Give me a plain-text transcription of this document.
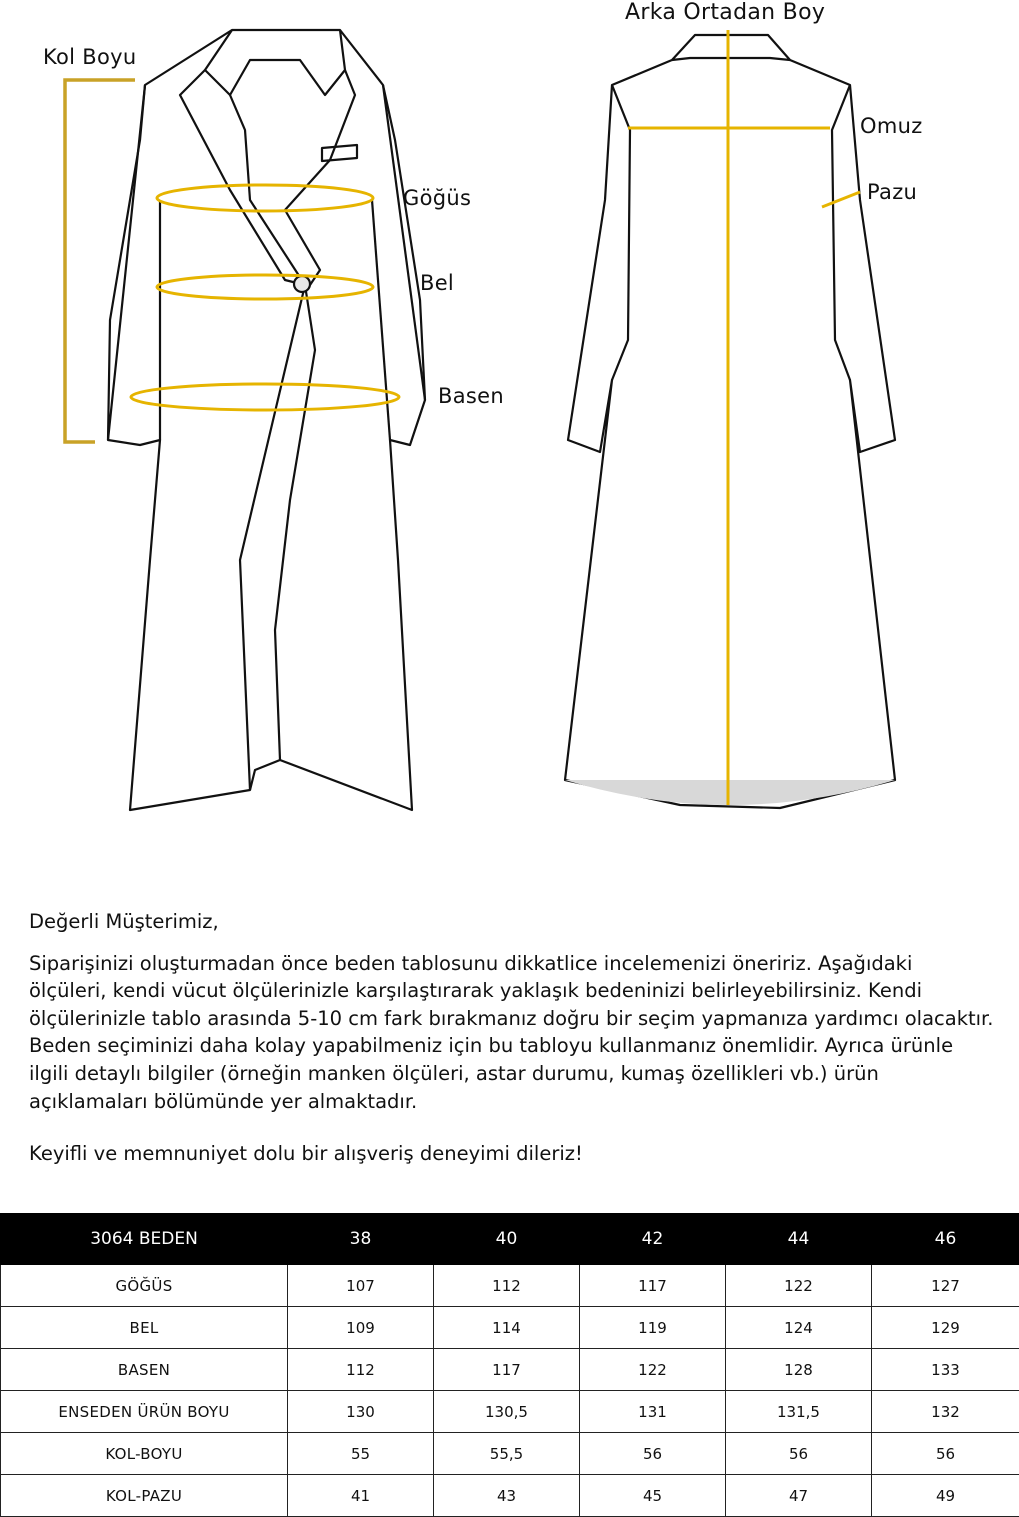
Kol Boyu
Arka Ortadan Boy
Göğüs
Bel
Basen
Omuz
Pazu

Değerli Müşterimiz,

Siparişinizi oluşturmadan önce beden tablosunu dikkatlice incelemenizi öneririz. Aşağıdaki ölçüleri, kendi vücut ölçülerinizle karşılaştırarak yaklaşık bedeninizi belirleyebilirsiniz. Kendi ölçülerinizle tablo arasında 5-10 cm fark bırakmanız doğru bir seçim yapmanıza yardımcı olacaktır.

Beden seçiminizi daha kolay yapabilmeniz için bu tabloyu kullanmanız önemlidir. Ayrıca ürünle ilgili detaylı bilgiler (örneğin manken ölçüleri, astar durumu, kumaş özellikleri vb.) ürün açıklamaları bölümünde yer almaktadır.

Keyifli ve memnuniyet dolu bir alışveriş deneyimi dileriz!

3064 BEDEN	38	40	42	44	46
GÖĞÜS	107	112	117	122	127
BEL	109	114	119	124	129
BASEN	112	117	122	128	133
ENSEDEN ÜRÜN BOYU	130	130,5	131	131,5	132
KOL-BOYU	55	55,5	56	56	56
KOL-PAZU	41	43	45	47	49
